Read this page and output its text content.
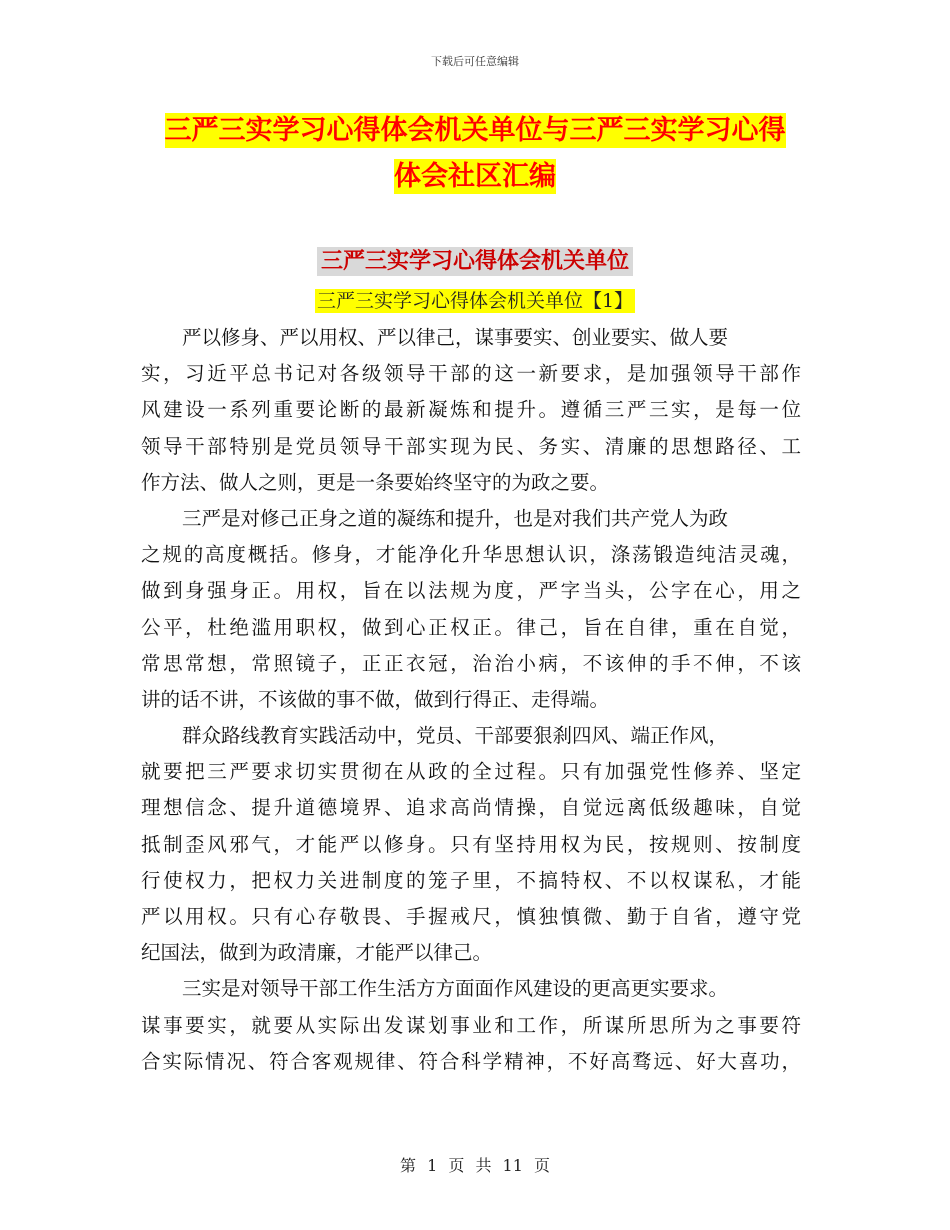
下载后可任意编辑
三严三实学习心得体会机关单位与三严三实学习心得
体会社区汇编
三严三实学习心得体会机关单位
三严三实学习心得体会机关单位【1】
严以修身、严以用权、严以律己，谋事要实、创业要实、做人要
实，习近平总书记对各级领导干部的这一新要求，是加强领导干部作
风建设一系列重要论断的最新凝炼和提升。遵循三严三实，是每一位
领导干部特别是党员领导干部实现为民、务实、清廉的思想路径、工
作方法、做人之则，更是一条要始终坚守的为政之要。
三严是对修己正身之道的凝练和提升，也是对我们共产党人为政
之规的高度概括。修身，才能净化升华思想认识，涤荡锻造纯洁灵魂，
做到身强身正。用权，旨在以法规为度，严字当头，公字在心，用之
公平，杜绝滥用职权，做到心正权正。律己，旨在自律，重在自觉，
常思常想，常照镜子，正正衣冠，治治小病，不该伸的手不伸，不该
讲的话不讲，不该做的事不做，做到行得正、走得端。
群众路线教育实践活动中，党员、干部要狠刹四风、端正作风，
就要把三严要求切实贯彻在从政的全过程。只有加强党性修养、坚定
理想信念、提升道德境界、追求高尚情操，自觉远离低级趣味，自觉
抵制歪风邪气，才能严以修身。只有坚持用权为民，按规则、按制度
行使权力，把权力关进制度的笼子里，不搞特权、不以权谋私，才能
严以用权。只有心存敬畏、手握戒尺，慎独慎微、勤于自省，遵守党
纪国法，做到为政清廉，才能严以律己。
三实是对领导干部工作生活方方面面作风建设的更高更实要求。
谋事要实，就要从实际出发谋划事业和工作，所谋所思所为之事要符
合实际情况、符合客观规律、符合科学精神，不好高骛远、好大喜功，
第 1 页 共 11 页
